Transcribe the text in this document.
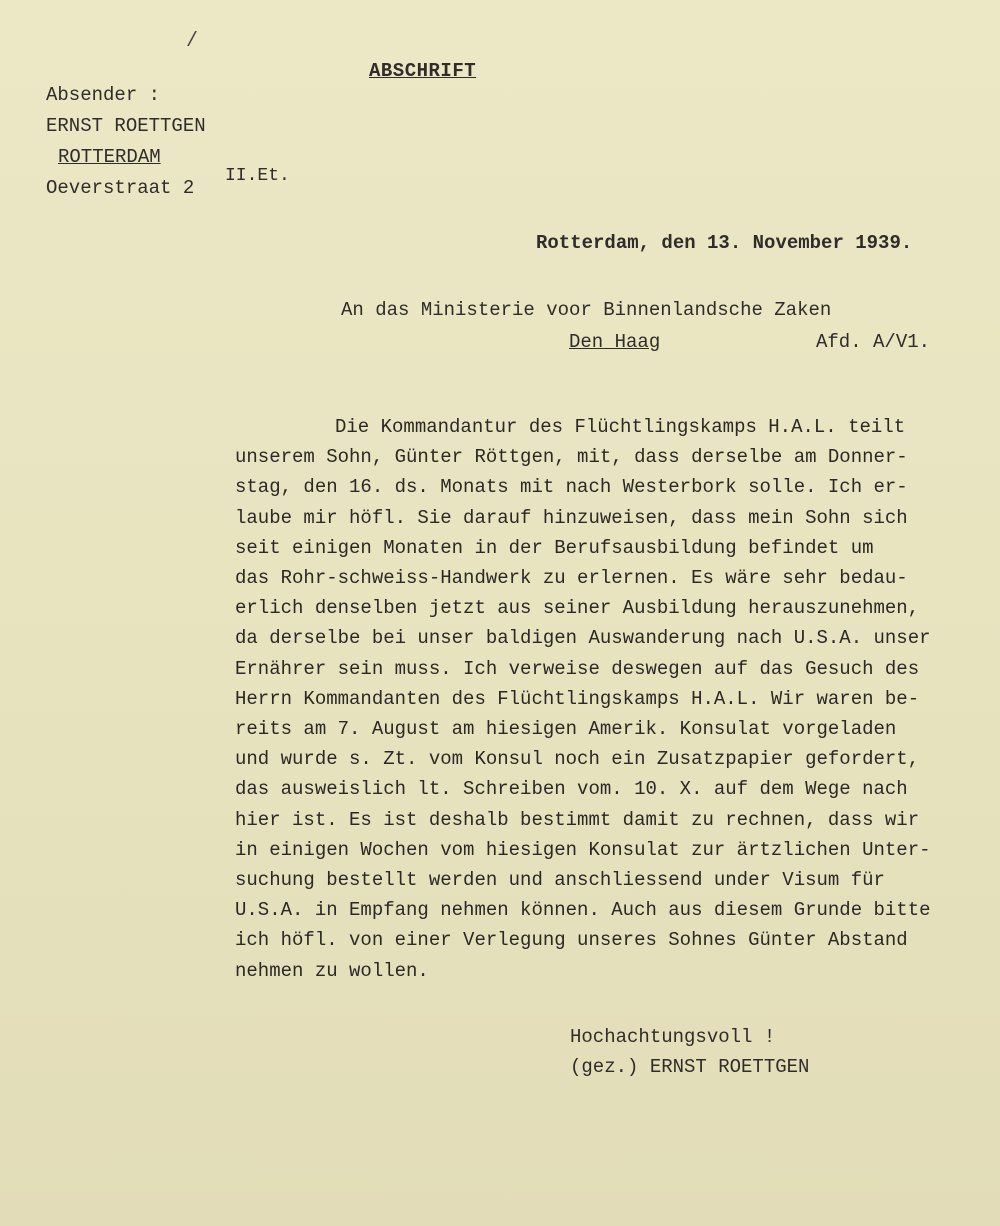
/
ABSCHRIFT
Absender :
ERNST ROETTGEN
ROTTERDAM
Oeverstraat 2
II.Et.
Rotterdam, den 13. November 1939.
An das Ministerie voor Binnenlandsche Zaken
Den Haag	Afd. A/V1.
Die Kommandantur des Flüchtlingskamps H.A.L. teilt
unserem Sohn, Günter Röttgen, mit, dass derselbe am Donner-
stag, den 16. ds. Monats mit nach Westerbork solle. Ich er-
laube mir höfl. Sie darauf hinzuweisen, dass mein Sohn sich
seit einigen Monaten in der Berufsausbildung befindet um
das Rohr-schweiss-Handwerk zu erlernen. Es wäre sehr bedau-
erlich denselben jetzt aus seiner Ausbildung herauszunehmen,
da derselbe bei unser baldigen Auswanderung nach U.S.A. unser
Ernährer sein muss. Ich verweise deswegen auf das Gesuch des
Herrn Kommandanten des Flüchtlingskamps H.A.L. Wir waren be-
reits am 7. August am hiesigen Amerik. Konsulat vorgeladen
und wurde s. Zt. vom Konsul noch ein Zusatzpapier gefordert,
das ausweislich lt. Schreiben vom. 10. X. auf dem Wege nach
hier ist. Es ist deshalb bestimmt damit zu rechnen, dass wir
in einigen Wochen vom hiesigen Konsulat zur ärtzlichen Unter-
suchung bestellt werden und anschliessend under Visum für
U.S.A. in Empfang nehmen können. Auch aus diesem Grunde bitte
ich höfl. von einer Verlegung unseres Sohnes Günter Abstand
nehmen zu wollen.
Hochachtungsvoll !
(gez.) ERNST ROETTGEN
